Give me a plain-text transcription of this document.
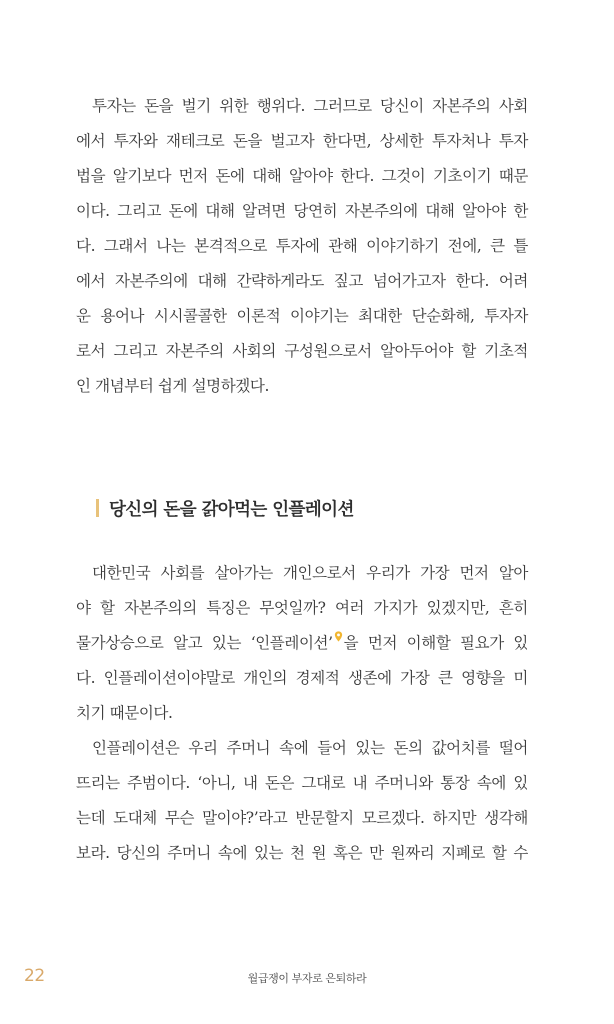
투자는 돈을 벌기 위한 행위다. 그러므로 당신이 자본주의 사회
에서 투자와 재테크로 돈을 벌고자 한다면, 상세한 투자처나 투자
법을 알기보다 먼저 돈에 대해 알아야 한다. 그것이 기초이기 때문
이다. 그리고 돈에 대해 알려면 당연히 자본주의에 대해 알아야 한
다. 그래서 나는 본격적으로 투자에 관해 이야기하기 전에, 큰 틀
에서 자본주의에 대해 간략하게라도 짚고 넘어가고자 한다. 어려
운 용어나 시시콜콜한 이론적 이야기는 최대한 단순화해, 투자자
로서 그리고 자본주의 사회의 구성원으로서 알아두어야 할 기초적
인 개념부터 쉽게 설명하겠다.
당신의 돈을 갉아먹는 인플레이션
대한민국 사회를 살아가는 개인으로서 우리가 가장 먼저 알아
야 할 자본주의의 특징은 무엇일까? 여러 가지가 있겠지만, 흔히
물가상승으로 알고 있는 ‘인플레이션’ 을 먼저 이해할 필요가 있
다. 인플레이션이야말로 개인의 경제적 생존에 가장 큰 영향을 미
치기 때문이다.
인플레이션은 우리 주머니 속에 들어 있는 돈의 값어치를 떨어
뜨리는 주범이다. ‘아니, 내 돈은 그대로 내 주머니와 통장 속에 있
는데 도대체 무슨 말이야?’라고 반문할지 모르겠다. 하지만 생각해
보라. 당신의 주머니 속에 있는 천 원 혹은 만 원짜리 지폐로 할 수
22	월급쟁이 부자로 은퇴하라
